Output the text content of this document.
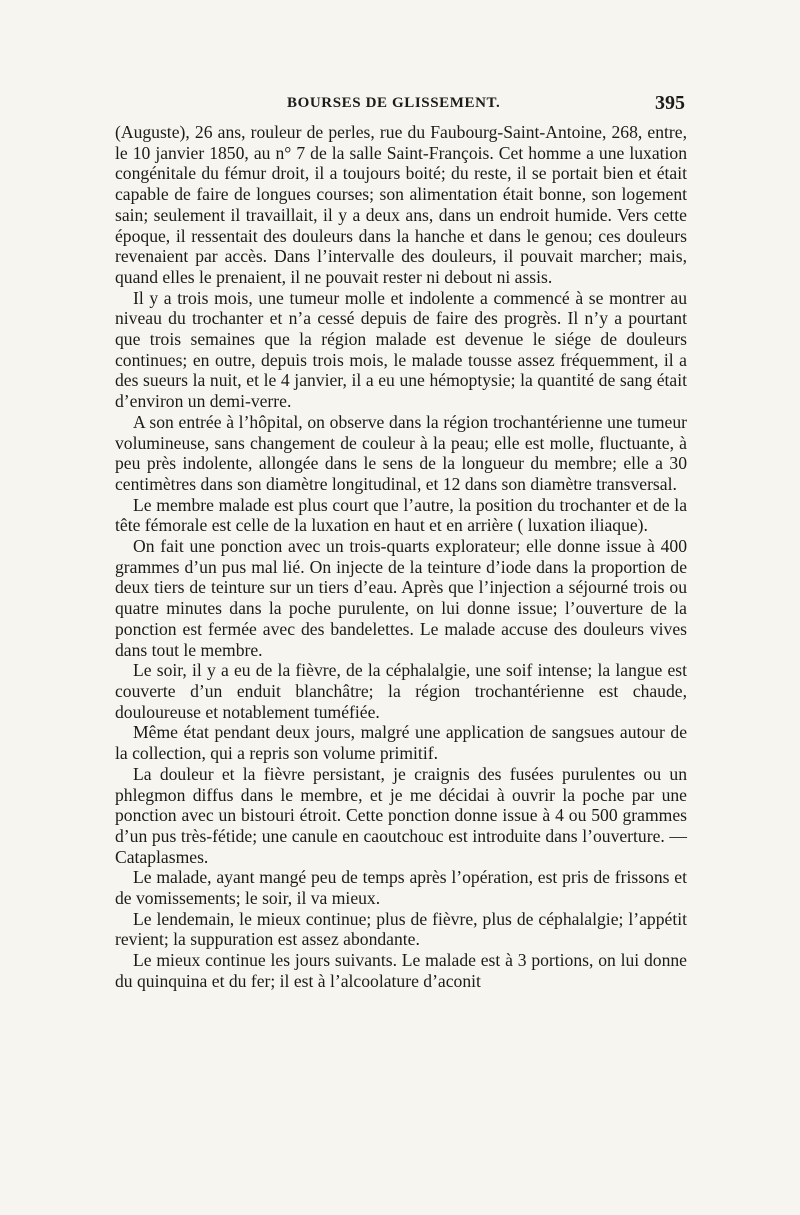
BOURSES DE GLISSEMENT.	395

(Auguste), 26 ans, rouleur de perles, rue du Faubourg-Saint-Antoine, 268, entre, le 10 janvier 1850, au n° 7 de la salle Saint-François. Cet homme a une luxation congénitale du fémur droit, il a toujours boité; du reste, il se portait bien et était capable de faire de longues courses; son alimentation était bonne, son logement sain; seulement il travaillait, il y a deux ans, dans un endroit humide. Vers cette époque, il ressentait des douleurs dans la hanche et dans le genou; ces douleurs revenaient par accès. Dans l’intervalle des douleurs, il pouvait marcher; mais, quand elles le prenaient, il ne pouvait rester ni debout ni assis.

Il y a trois mois, une tumeur molle et indolente a commencé à se montrer au niveau du trochanter et n’a cessé depuis de faire des progrès. Il n’y a pourtant que trois semaines que la région malade est devenue le siége de douleurs continues; en outre, depuis trois mois, le malade tousse assez fréquemment, il a des sueurs la nuit, et le 4 janvier, il a eu une hémoptysie; la quantité de sang était d’environ un demi-verre.

A son entrée à l’hôpital, on observe dans la région trochantérienne une tumeur volumineuse, sans changement de couleur à la peau; elle est molle, fluctuante, à peu près indolente, allongée dans le sens de la longueur du membre; elle a 30 centimètres dans son diamètre longitudinal, et 12 dans son diamètre transversal.

Le membre malade est plus court que l’autre, la position du trochanter et de la tête fémorale est celle de la luxation en haut et en arrière ( luxation iliaque).

On fait une ponction avec un trois-quarts explorateur; elle donne issue à 400 grammes d’un pus mal lié. On injecte de la teinture d’iode dans la proportion de deux tiers de teinture sur un tiers d’eau. Après que l’injection a séjourné trois ou quatre minutes dans la poche purulente, on lui donne issue; l’ouverture de la ponction est fermée avec des bandelettes. Le malade accuse des douleurs vives dans tout le membre.

Le soir, il y a eu de la fièvre, de la céphalalgie, une soif intense; la langue est couverte d’un enduit blanchâtre; la région trochantérienne est chaude, douloureuse et notablement tuméfiée.

Même état pendant deux jours, malgré une application de sangsues autour de la collection, qui a repris son volume primitif.

La douleur et la fièvre persistant, je craignis des fusées purulentes ou un phlegmon diffus dans le membre, et je me décidai à ouvrir la poche par une ponction avec un bistouri étroit. Cette ponction donne issue à 4 ou 500 grammes d’un pus très-fétide; une canule en caoutchouc est introduite dans l’ouverture. — Cataplasmes.

Le malade, ayant mangé peu de temps après l’opération, est pris de frissons et de vomissements; le soir, il va mieux.

Le lendemain, le mieux continue; plus de fièvre, plus de céphalalgie; l’appétit revient; la suppuration est assez abondante.

Le mieux continue les jours suivants. Le malade est à 3 portions, on lui donne du quinquina et du fer; il est à l’alcoolature d’aconit
